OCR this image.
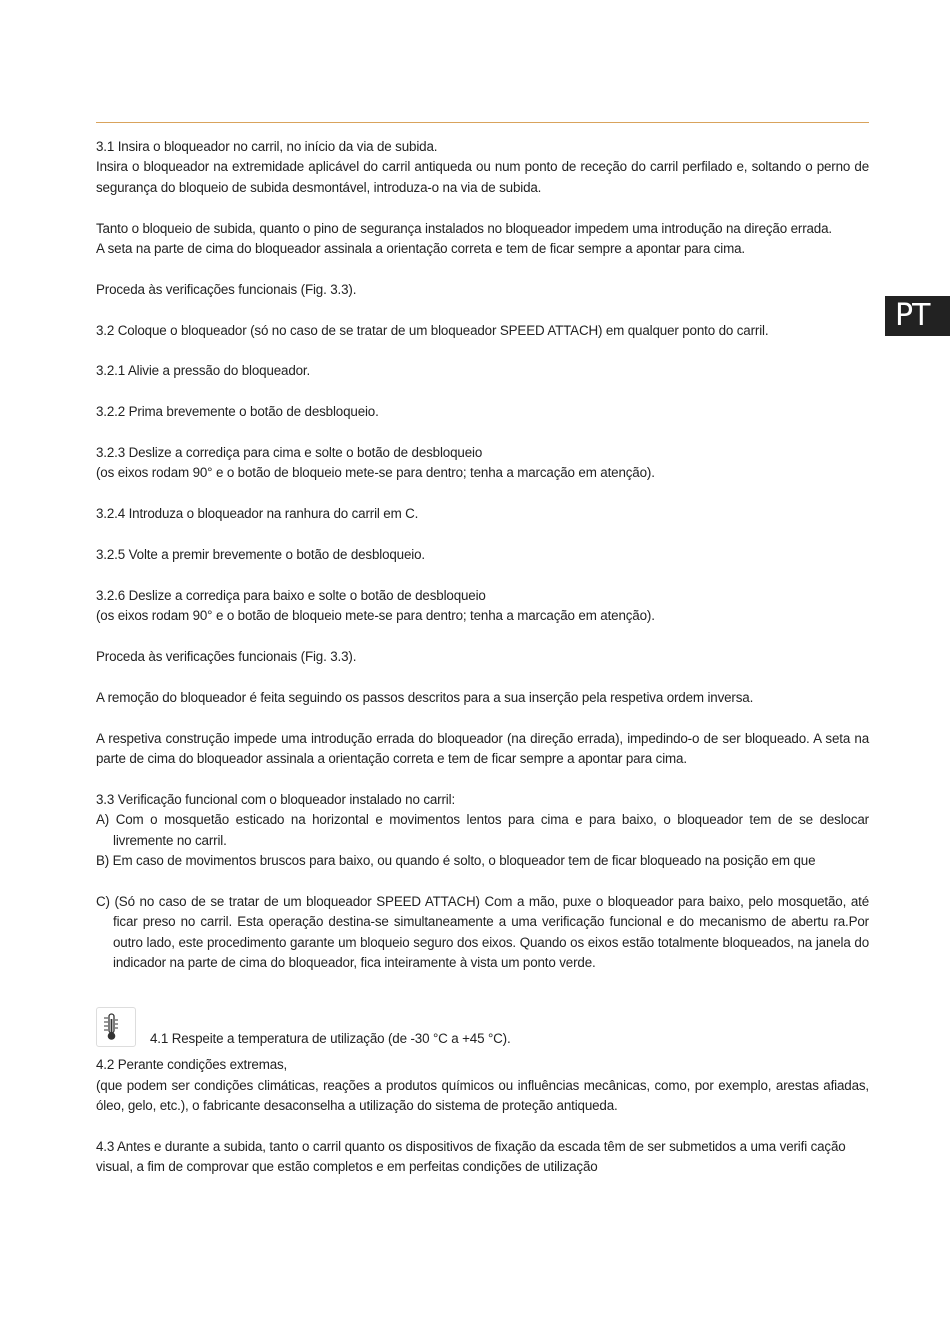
PT

3.1 Insira o bloqueador no carril, no início da via de subida.

Insira o bloqueador na extremidade aplicável do carril antiqueda ou num ponto de receção do carril perfilado e, soltando o perno de segurança do bloqueio de subida desmontável, introduza-o na via de subida.

Tanto o bloqueio de subida, quanto o pino de segurança instalados no bloqueador impedem uma introdução na direção errada.

A seta na parte de cima do bloqueador assinala a orientação correta e tem de ficar sempre a apontar para cima.

Proceda às verificações funcionais (Fig. 3.3).

3.2 Coloque o bloqueador (só no caso de se tratar de um bloqueador SPEED ATTACH) em qualquer ponto do carril.

3.2.1 Alivie a pressão do bloqueador.

3.2.2 Prima brevemente o botão de desbloqueio.

3.2.3 Deslize a corrediça para cima e solte o botão de desbloqueio

(os eixos rodam 90° e o botão de bloqueio mete-se para dentro; tenha a marcação em atenção).

3.2.4 Introduza o bloqueador na ranhura do carril em C.

3.2.5 Volte a premir brevemente o botão de desbloqueio.

3.2.6 Deslize a corrediça para baixo e solte o botão de desbloqueio

(os eixos rodam 90° e o botão de bloqueio mete-se para dentro; tenha a marcação em atenção).

Proceda às verificações funcionais (Fig. 3.3).

A remoção do bloqueador é feita seguindo os passos descritos para a sua inserção pela respetiva ordem inversa.

A respetiva construção impede uma introdução errada do bloqueador (na direção errada), impedindo-o de ser bloqueado. A seta na parte de cima do bloqueador assinala a orientação correta e tem de ficar sempre a apontar para cima.

3.3 Verificação funcional com o bloqueador instalado no carril:

A) Com o mosquetão esticado na horizontal e movimentos lentos para cima e para baixo, o bloqueador tem de se deslocar livremente no carril.

B) Em caso de movimentos bruscos para baixo, ou quando é solto, o bloqueador tem de ficar bloqueado na posição em que

C) (Só no caso de se tratar de um bloqueador SPEED ATTACH) Com a mão, puxe o bloqueador para baixo, pelo mosquetão, até ficar preso no carril. Esta operação destina-se simultaneamente a uma verificação funcional e do mecanismo de abertu ra.Por outro lado, este procedimento garante um bloqueio seguro dos eixos. Quando os eixos estão totalmente bloqueados, na janela do indicador na parte de cima do bloqueador, fica inteiramente à vista um ponto verde.

4.1 Respeite a temperatura de utilização (de -30 °C a +45 °C).

4.2 Perante condições extremas,

(que podem ser condições climáticas, reações a produtos químicos ou influências mecânicas, como, por exemplo, arestas afiadas, óleo, gelo, etc.), o fabricante desaconselha a utilização do sistema de proteção antiqueda.

4.3 Antes e durante a subida, tanto o carril quanto os dispositivos de fixação da escada têm de ser submetidos a uma verifi cação visual, a fim de comprovar que estão completos e em perfeitas condições de utilização
